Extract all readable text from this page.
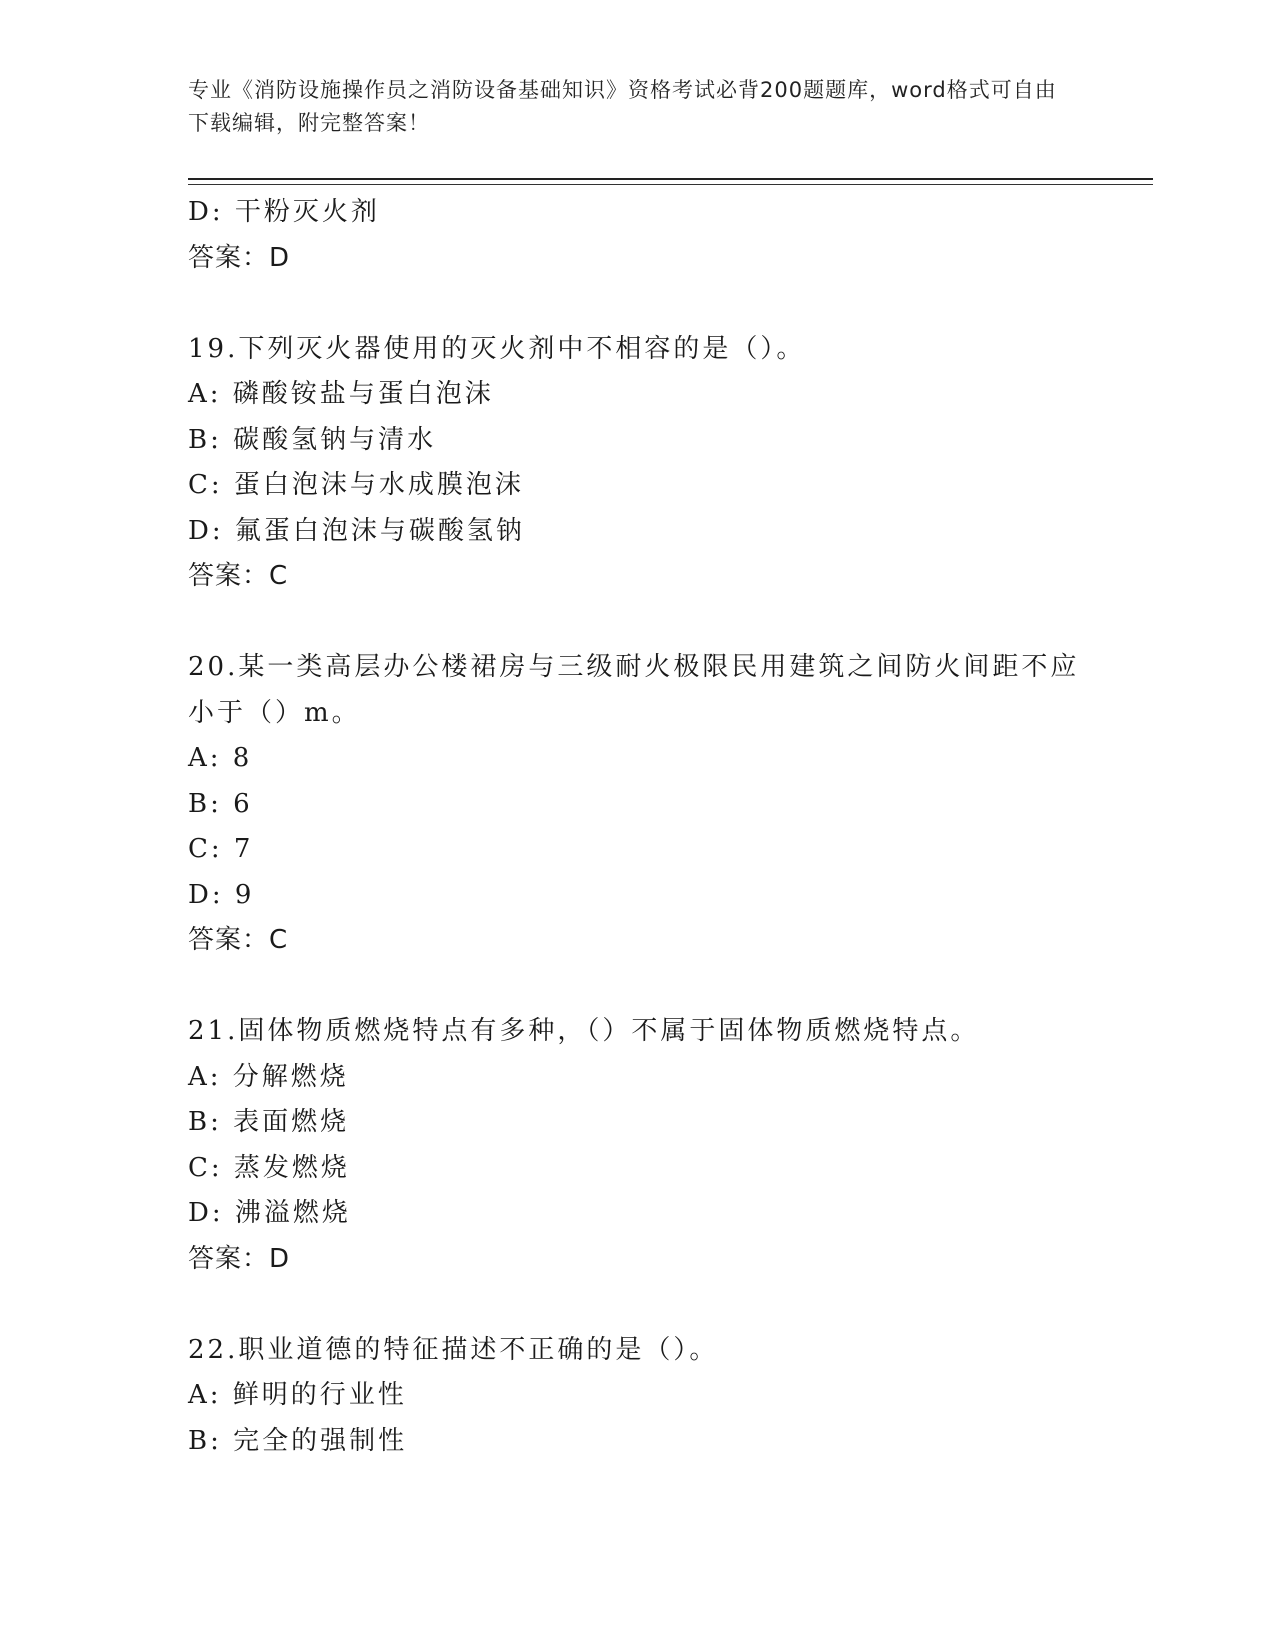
专业《消防设施操作员之消防设备基础知识》资格考试必背200题题库，word格式可自由下载编辑，附完整答案！
D: 干粉灭火剂
答案：D
19.下列灭火器使用的灭火剂中不相容的是（）。
A: 磷酸铵盐与蛋白泡沫
B: 碳酸氢钠与清水
C: 蛋白泡沫与水成膜泡沫
D: 氟蛋白泡沫与碳酸氢钠
答案：C
20.某一类高层办公楼裙房与三级耐火极限民用建筑之间防火间距不应小于（）m。
A: 8
B: 6
C: 7
D: 9
答案：C
21.固体物质燃烧特点有多种，（）不属于固体物质燃烧特点。
A: 分解燃烧
B: 表面燃烧
C: 蒸发燃烧
D: 沸溢燃烧
答案：D
22.职业道德的特征描述不正确的是（）。
A: 鲜明的行业性
B: 完全的强制性
